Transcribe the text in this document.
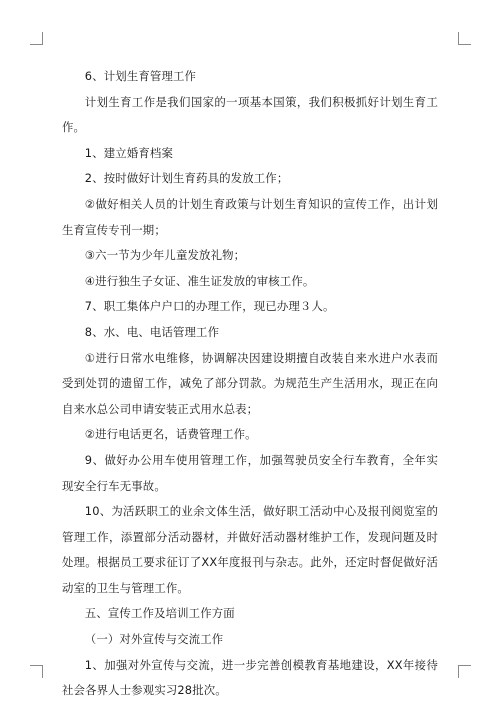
6、计划生育管理工作

计划生育工作是我们国家的一项基本国策，我们积极抓好计划生育工作。

1、建立婚育档案

2、按时做好计划生育药具的发放工作；

②做好相关人员的计划生育政策与计划生育知识的宣传工作，出计划生育宣传专刊一期；

③六一节为少年儿童发放礼物；

④进行独生子女证、准生证发放的审核工作。

7、职工集体户户口的办理工作，现已办理３人。

8、水、电、电话管理工作

①进行日常水电维修，协调解决因建设期擅自改装自来水进户水表而受到处罚的遗留工作，减免了部分罚款。为规范生产生活用水，现正在向自来水总公司申请安装正式用水总表；

②进行电话更名，话费管理工作。

9、做好办公用车使用管理工作，加强驾驶员安全行车教育，全年实现安全行车无事故。

10、为活跃职工的业余文体生活，做好职工活动中心及报刊阅览室的管理工作，添置部分活动器材，并做好活动器材维护工作，发现问题及时处理。根据员工要求征订了XX年度报刊与杂志。此外，还定时督促做好活动室的卫生与管理工作。

五、宣传工作及培训工作方面

（一）对外宣传与交流工作

1、加强对外宣传与交流，进一步完善创模教育基地建设，XX年接待社会各界人士参观实习28批次。
